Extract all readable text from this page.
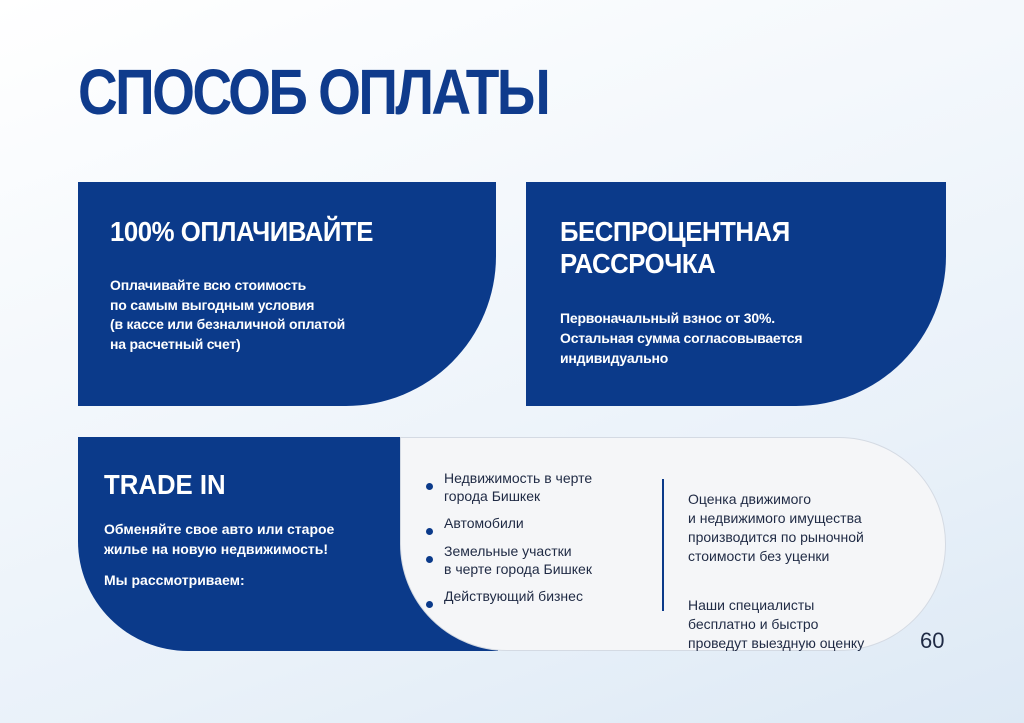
СПОСОБ ОПЛАТЫ
100% ОПЛАЧИВАЙТЕ
Оплачивайте всю стоимость
по самым выгодным условия
(в кассе или безналичной оплатой
на расчетный счет)
БЕСПРОЦЕНТНАЯ
РАССРОЧКА
Первоначальный взнос от 30%.
Остальная сумма согласовывается
индивидуально
TRADE IN
Обменяйте свое авто или старое
жилье на новую недвижимость!
Мы рассмотриваем:
Недвижимость в черте
города Бишкек
Автомобили
Земельные участки
в черте города Бишкек
Действующий бизнес

Оценка движимого
и недвижимого имущества
производится по рыночной
стоимости без уценки

Наши специалисты
бесплатно и быстро
проведут выездную оценку	60
